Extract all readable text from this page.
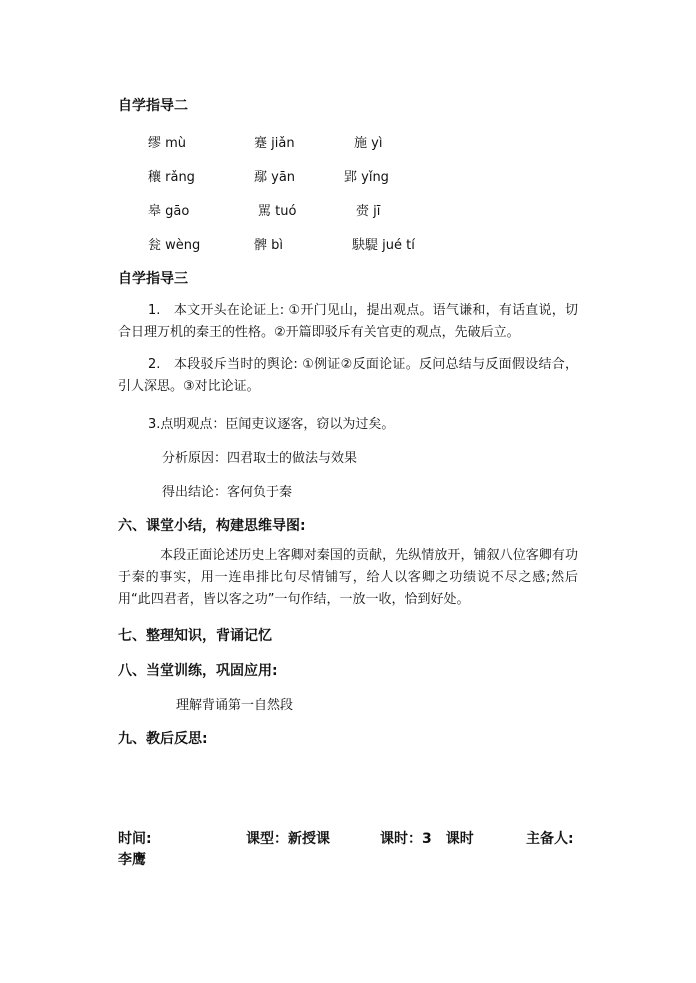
自学指导二
缪 mù	蹇 jiǎn	施 yì
穰 rǎng	鄢 yān	郢 yǐng
皋 gāo	駡 tuó	赍 jī
瓮 wèng	髀 bì	駃騠 jué tí
自学指导三
1.　本文开头在论证上: ①开门见山，提出观点。语气谦和，有话直说，切合日理万机的秦王的性格。②开篇即驳斥有关官吏的观点，先破后立。
2.　本段驳斥当时的舆论: ①例证②反面论证。反问总结与反面假设结合，引人深思。③对比论证。
3.点明观点：臣闻吏议逐客，窃以为过矣。
分析原因：四君取士的做法与效果
得出结论：客何负于秦
六、课堂小结，构建思维导图:
本段正面论述历史上客卿对秦国的贡献，先纵情放开，铺叙八位客卿有功于秦的事实，用一连串排比句尽情铺写，给人以客卿之功绩说不尽之感;然后用“此四君者，皆以客之功”一句作结，一放一收，恰到好处。
七、整理知识，背诵记忆
八、当堂训练，巩固应用:
理解背诵第一自然段
九、教后反思:
时间:	课型：新授课	课时：3　课时	主备人:
李鹰
